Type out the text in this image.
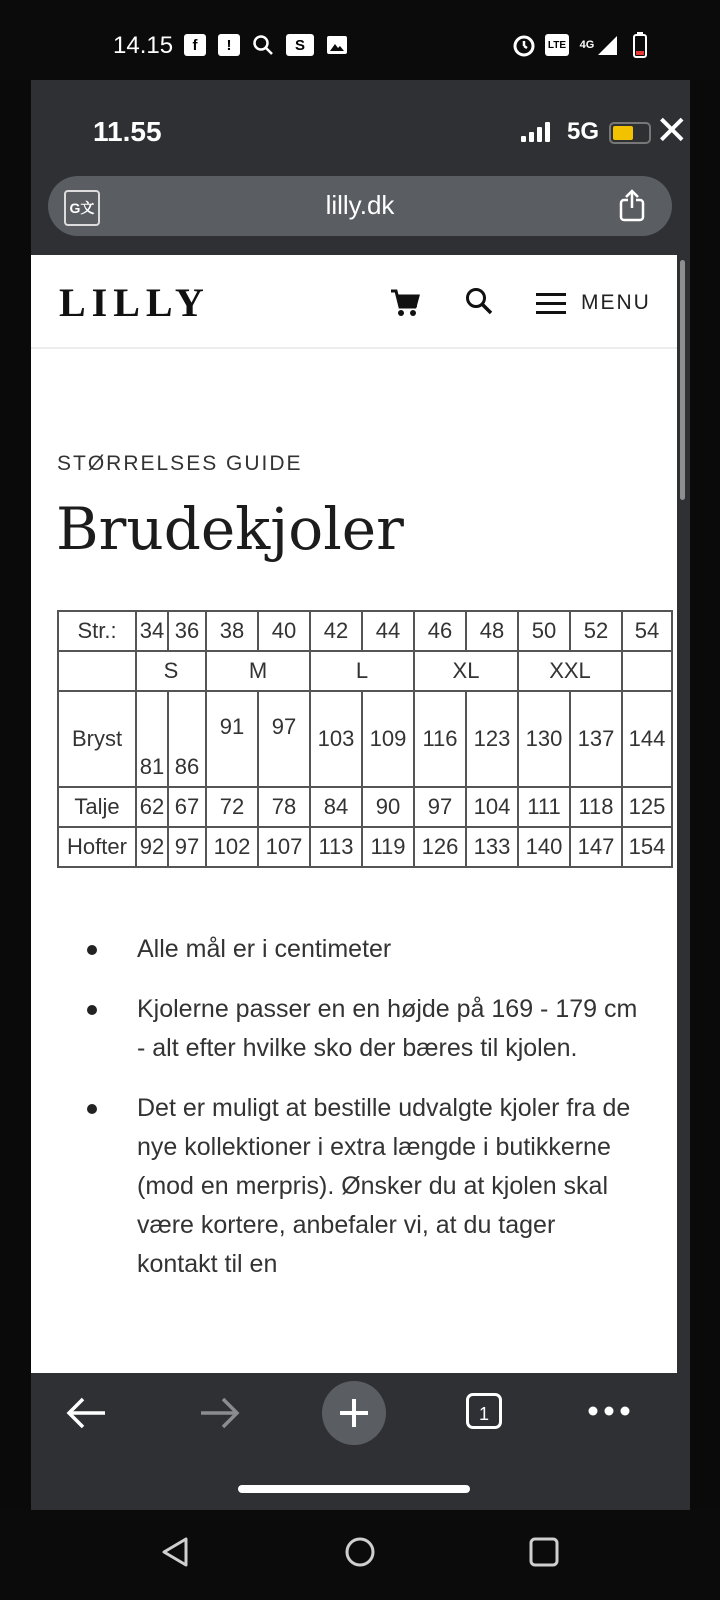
14.15	f	!	S	LTE 4G
11.55	5G ✕
G文	lilly.dk
LILLY	MENU
STØRRELSES GUIDE
Brudekjoler
Str.:	34	36	38	40	42	44	46	48	50	52	54
	S		M		L		XL		XXL		
Bryst	81	86	91	97	103	109	116	123	130	137	144
Talje	62	67	72	78	84	90	97	104	111	118	125
Hofter	92	97	102	107	113	119	126	133	140	147	154
Alle mål er i centimeter
Kjolerne passer en en højde på 169 - 179 cm - alt efter hvilke sko der bæres til kjolen.
Det er muligt at bestille udvalgte kjoler fra de nye kollektioner i extra længde i butikkerne (mod en merpris). Ønsker du at kjolen skal være kortere, anbefaler vi, at du tager kontakt til en
1
